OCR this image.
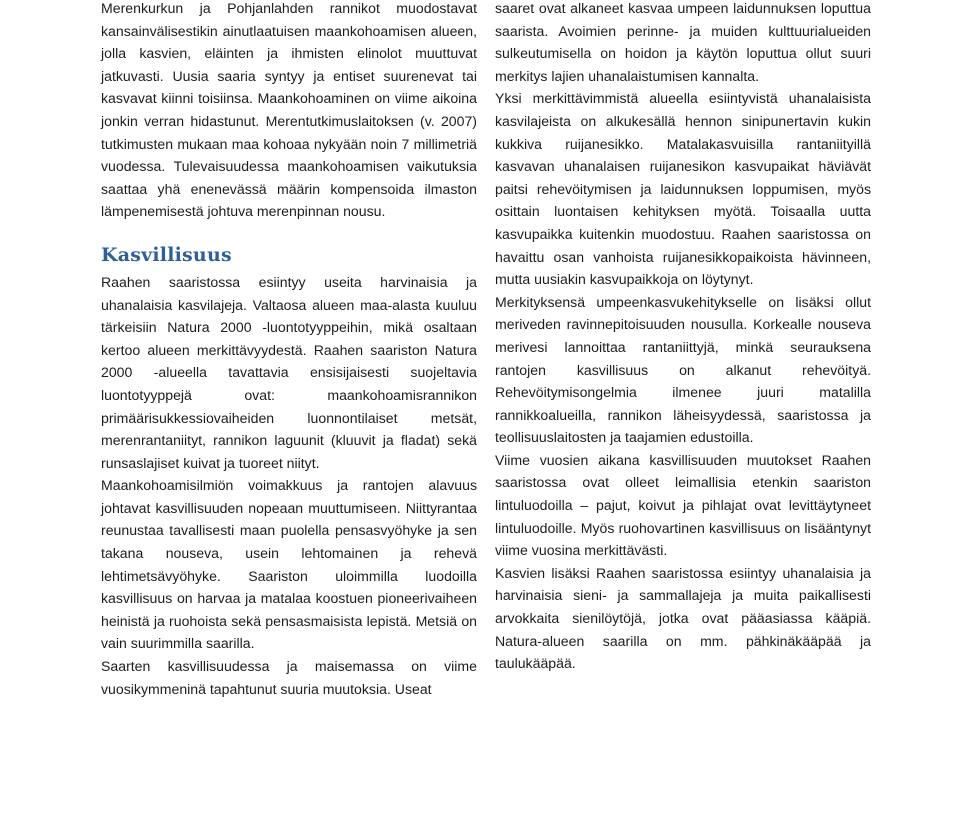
Merenkurkun ja Pohjanlahden rannikot muodostavat kansainvälisestikin ainutlaatuisen maankohoamisen alueen, jolla kasvien, eläinten ja ihmisten elinolot muuttuvat jatkuvasti. Uusia saaria syntyy ja entiset suurenevat tai kasvavat kiinni toisiinsa. Maankohoaminen on viime aikoina jonkin verran hidastunut. Merentutkimuslaitoksen (v. 2007) tutkimusten mukaan maa kohoaa nykyään noin 7 millimetriä vuodessa. Tulevaisuudessa maankohoamisen vaikutuksia saattaa yhä enenevässä määrin kompensoida ilmaston lämpenemisestä johtuva merenpinnan nousu.

Kasvillisuus

Raahen saaristossa esiintyy useita harvinaisia ja uhanalaisia kasvilajeja. Valtaosa alueen maa-alasta kuuluu tärkeisiin Natura 2000 -luontotyyppeihin, mikä osaltaan kertoo alueen merkittävyydestä. Raahen saariston Natura 2000 -alueella tavattavia ensisijaisesti suojeltavia luontotyyppejä ovat: maankohoamisrannikon primäärisukkessiovaiheiden luonnontilaiset metsät, merenrantaniityt, rannikon laguunit (kluuvit ja fladat) sekä runsaslajiset kuivat ja tuoreet niityt.

Maankohoamisilmiön voimakkuus ja rantojen alavuus johtavat kasvillisuuden nopeaan muuttumiseen. Niittyrantaa reunustaa tavallisesti maan puolella pensasvyöhyke ja sen takana nouseva, usein lehtomainen ja rehevä lehtimetsävyöhyke. Saariston uloimmilla luodoilla kasvillisuus on harvaa ja matalaa koostuen pioneerivaiheen heinistä ja ruohoista sekä pensasmaisista lepistä. Metsiä on vain suurimmilla saarilla.

Saarten kasvillisuudessa ja maisemassa on viime vuosikymmeninä tapahtunut suuria muutoksia. Useat

saaret ovat alkaneet kasvaa umpeen laidunnuksen loputtua saarista. Avoimien perinne- ja muiden kulttuurialueiden sulkeutumisella on hoidon ja käytön loputtua ollut suuri merkitys lajien uhanalaistumisen kannalta.

Yksi merkittävimmistä alueella esiintyvistä uhanalaisista kasvilajeista on alkukesällä hennon sinipunertavin kukin kukkiva ruijanesikko. Matalakasvuisilla rantaniityillä kasvavan uhanalaisen ruijanesikon kasvupaikat häviävät paitsi rehevöitymisen ja laidunnuksen loppumisen, myös osittain luontaisen kehityksen myötä. Toisaalla uutta kasvupaikka kuitenkin muodostuu. Raahen saaristossa on havaittu osan vanhoista ruijanesikkopaikoista hävinneen, mutta uusiakin kasvupaikkoja on löytynyt.

Merkityksensä umpeenkasvukehitykselle on lisäksi ollut meriveden ravinnepitoisuuden nousulla. Korkealle nouseva merivesi lannoittaa rantaniittyjä, minkä seurauksena rantojen kasvillisuus on alkanut rehevöityä. Rehevöitymisongelmia ilmenee juuri matalilla rannikkoalueilla, rannikon läheisyydessä, saaristossa ja teollisuuslaitosten ja taajamien edustoilla.

Viime vuosien aikana kasvillisuuden muutokset Raahen saaristossa ovat olleet leimallisia etenkin saariston lintuluodoilla – pajut, koivut ja pihlajat ovat levittäytyneet lintuluodoille. Myös ruohovartinen kasvillisuus on lisääntynyt viime vuosina merkittävästi.

Kasvien lisäksi Raahen saaristossa esiintyy uhanalaisia ja harvinaisia sieni- ja sammallajeja ja muita paikallisesti arvokkaita sienilöytöjä, jotka ovat pääasiassa kääpiä. Natura-alueen saarilla on mm. pähkinäkääpää ja taulukääpää.
